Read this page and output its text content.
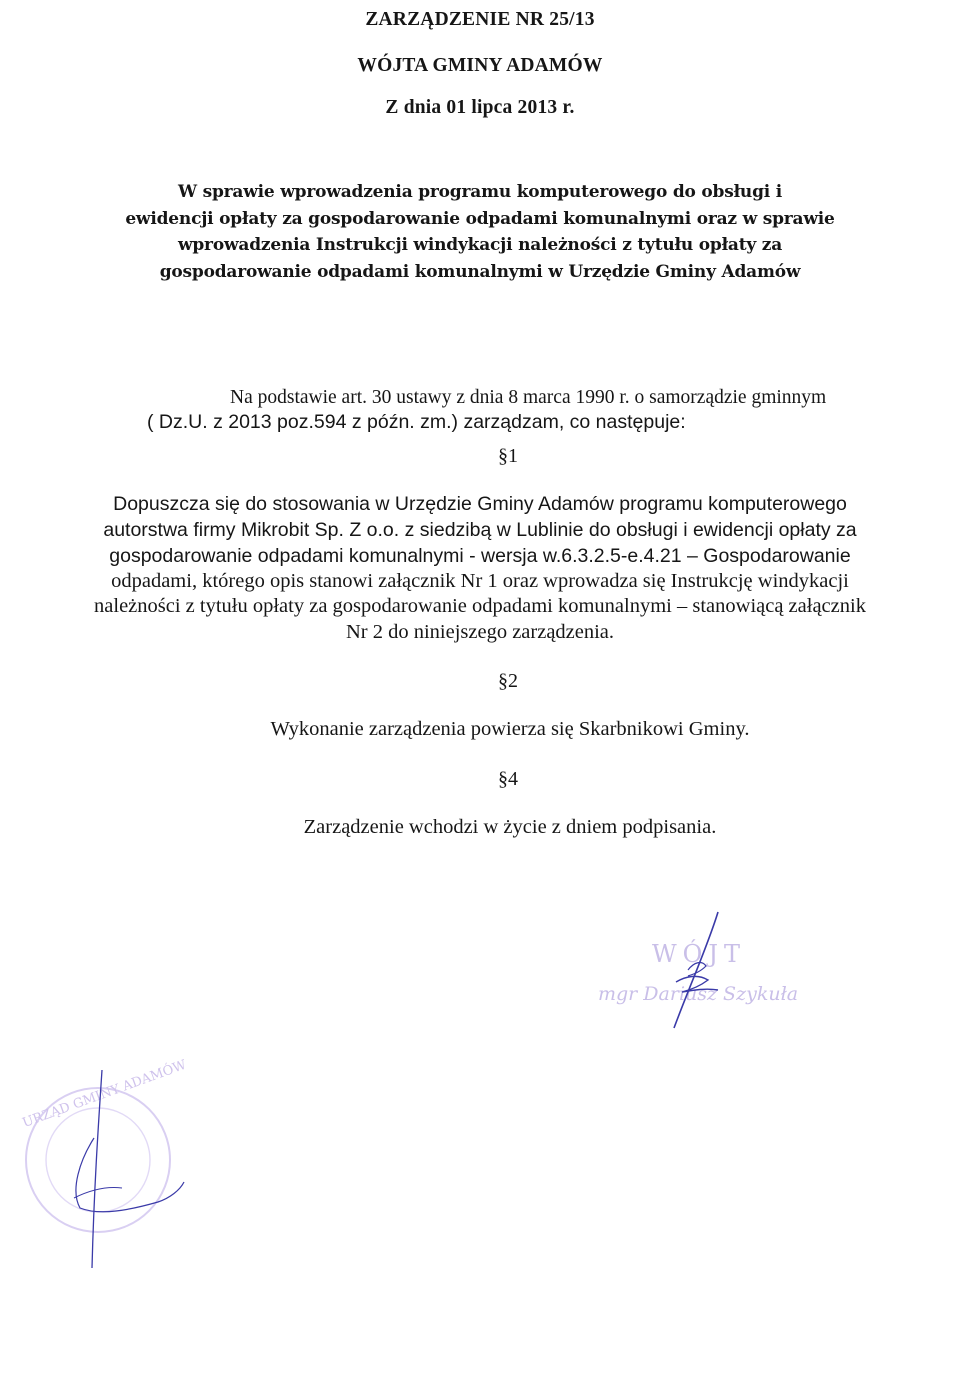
ZARZĄDZENIE NR 25/13

WÓJTA GMINY ADAMÓW

Z dnia 01 lipca 2013 r.

W sprawie wprowadzenia programu komputerowego do obsługi i

ewidencji opłaty za gospodarowanie odpadami komunalnymi oraz w sprawie

wprowadzenia Instrukcji windykacji należności z tytułu opłaty za

gospodarowanie odpadami komunalnymi w Urzędzie Gminy Adamów

Na podstawie art. 30 ustawy z dnia 8 marca 1990 r. o samorządzie gminnym

( Dz.U. z 2013 poz.594 z późn. zm.) zarządzam, co następuje:

§1

Dopuszcza się do stosowania w Urzędzie Gminy Adamów programu komputerowego

autorstwa firmy Mikrobit Sp. Z o.o. z siedzibą w Lublinie do obsługi i ewidencji opłaty za

gospodarowanie odpadami komunalnymi - wersja w.6.3.2.5-e.4.21 – Gospodarowanie

odpadami, którego opis stanowi załącznik Nr 1 oraz wprowadza się Instrukcję windykacji

należności z tytułu opłaty za gospodarowanie odpadami komunalnymi – stanowiącą załącznik

Nr 2 do niniejszego zarządzenia.

§2

Wykonanie zarządzenia powierza się Skarbnikowi Gminy.

§4

Zarządzenie wchodzi w życie z dniem podpisania.

WÓJT
mgr Dariusz Szykuła
URZĄD GMINY ADAMÓW
